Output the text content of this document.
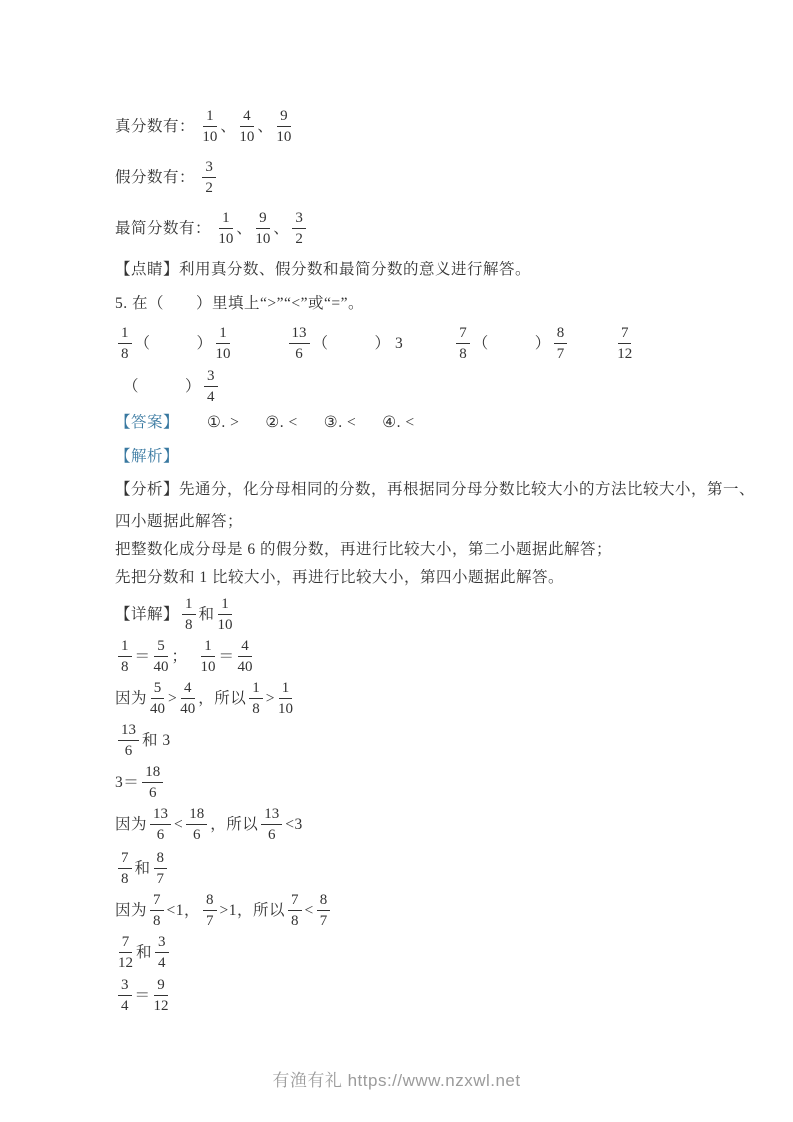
真分数有： $\frac{1}{10}$ 、 $\frac{4}{10}$ 、 $\frac{9}{10}$
假分数有： $\frac{3}{2}$
最简分数有： $\frac{1}{10}$ 、 $\frac{9}{10}$ 、 $\frac{3}{2}$
【点睛】利用真分数、假分数和最简分数的意义进行解答。
5. 在（　　）里填上“>”“<”或“=”。
$\frac{1}{8}$ （	） $\frac{1}{10}$	$\frac{13}{6}$ （	） 3	$\frac{7}{8}$ （	） $\frac{8}{7}$	$\frac{7}{12}$
（	） $\frac{3}{4}$
【答案】 ①. > ②. < ③. < ④. <
【解析】
【分析】先通分，化分母相同的分数，再根据同分母分数比较大小的方法比较大小，第一、
四小题据此解答；
把整数化成分母是 6 的假分数，再进行比较大小，第二小题据此解答；
先把分数和 1 比较大小，再进行比较大小，第四小题据此解答。
【详解】 $\frac{1}{8}$ 和 $\frac{1}{10}$
$\frac{1}{8} = \frac{5}{40}$ ； $\frac{1}{10} = \frac{4}{40}$
因为 $\frac{5}{40} > \frac{4}{40}$ ，所以 $\frac{1}{8} > \frac{1}{10}$
$\frac{13}{6}$ 和 3
$3= \frac{18}{6}$
因为 $\frac{13}{6} < \frac{18}{6}$ ，所以 $\frac{13}{6} <3$
$\frac{7}{8}$ 和 $\frac{8}{7}$
因为 $\frac{7}{8} <1$， $\frac{8}{7} >1$，所以 $\frac{7}{8} < \frac{8}{7}$
$\frac{7}{12}$ 和 $\frac{3}{4}$
$\frac{3}{4} = \frac{9}{12}$
有渔有礼 https://www.nzxwl.net
